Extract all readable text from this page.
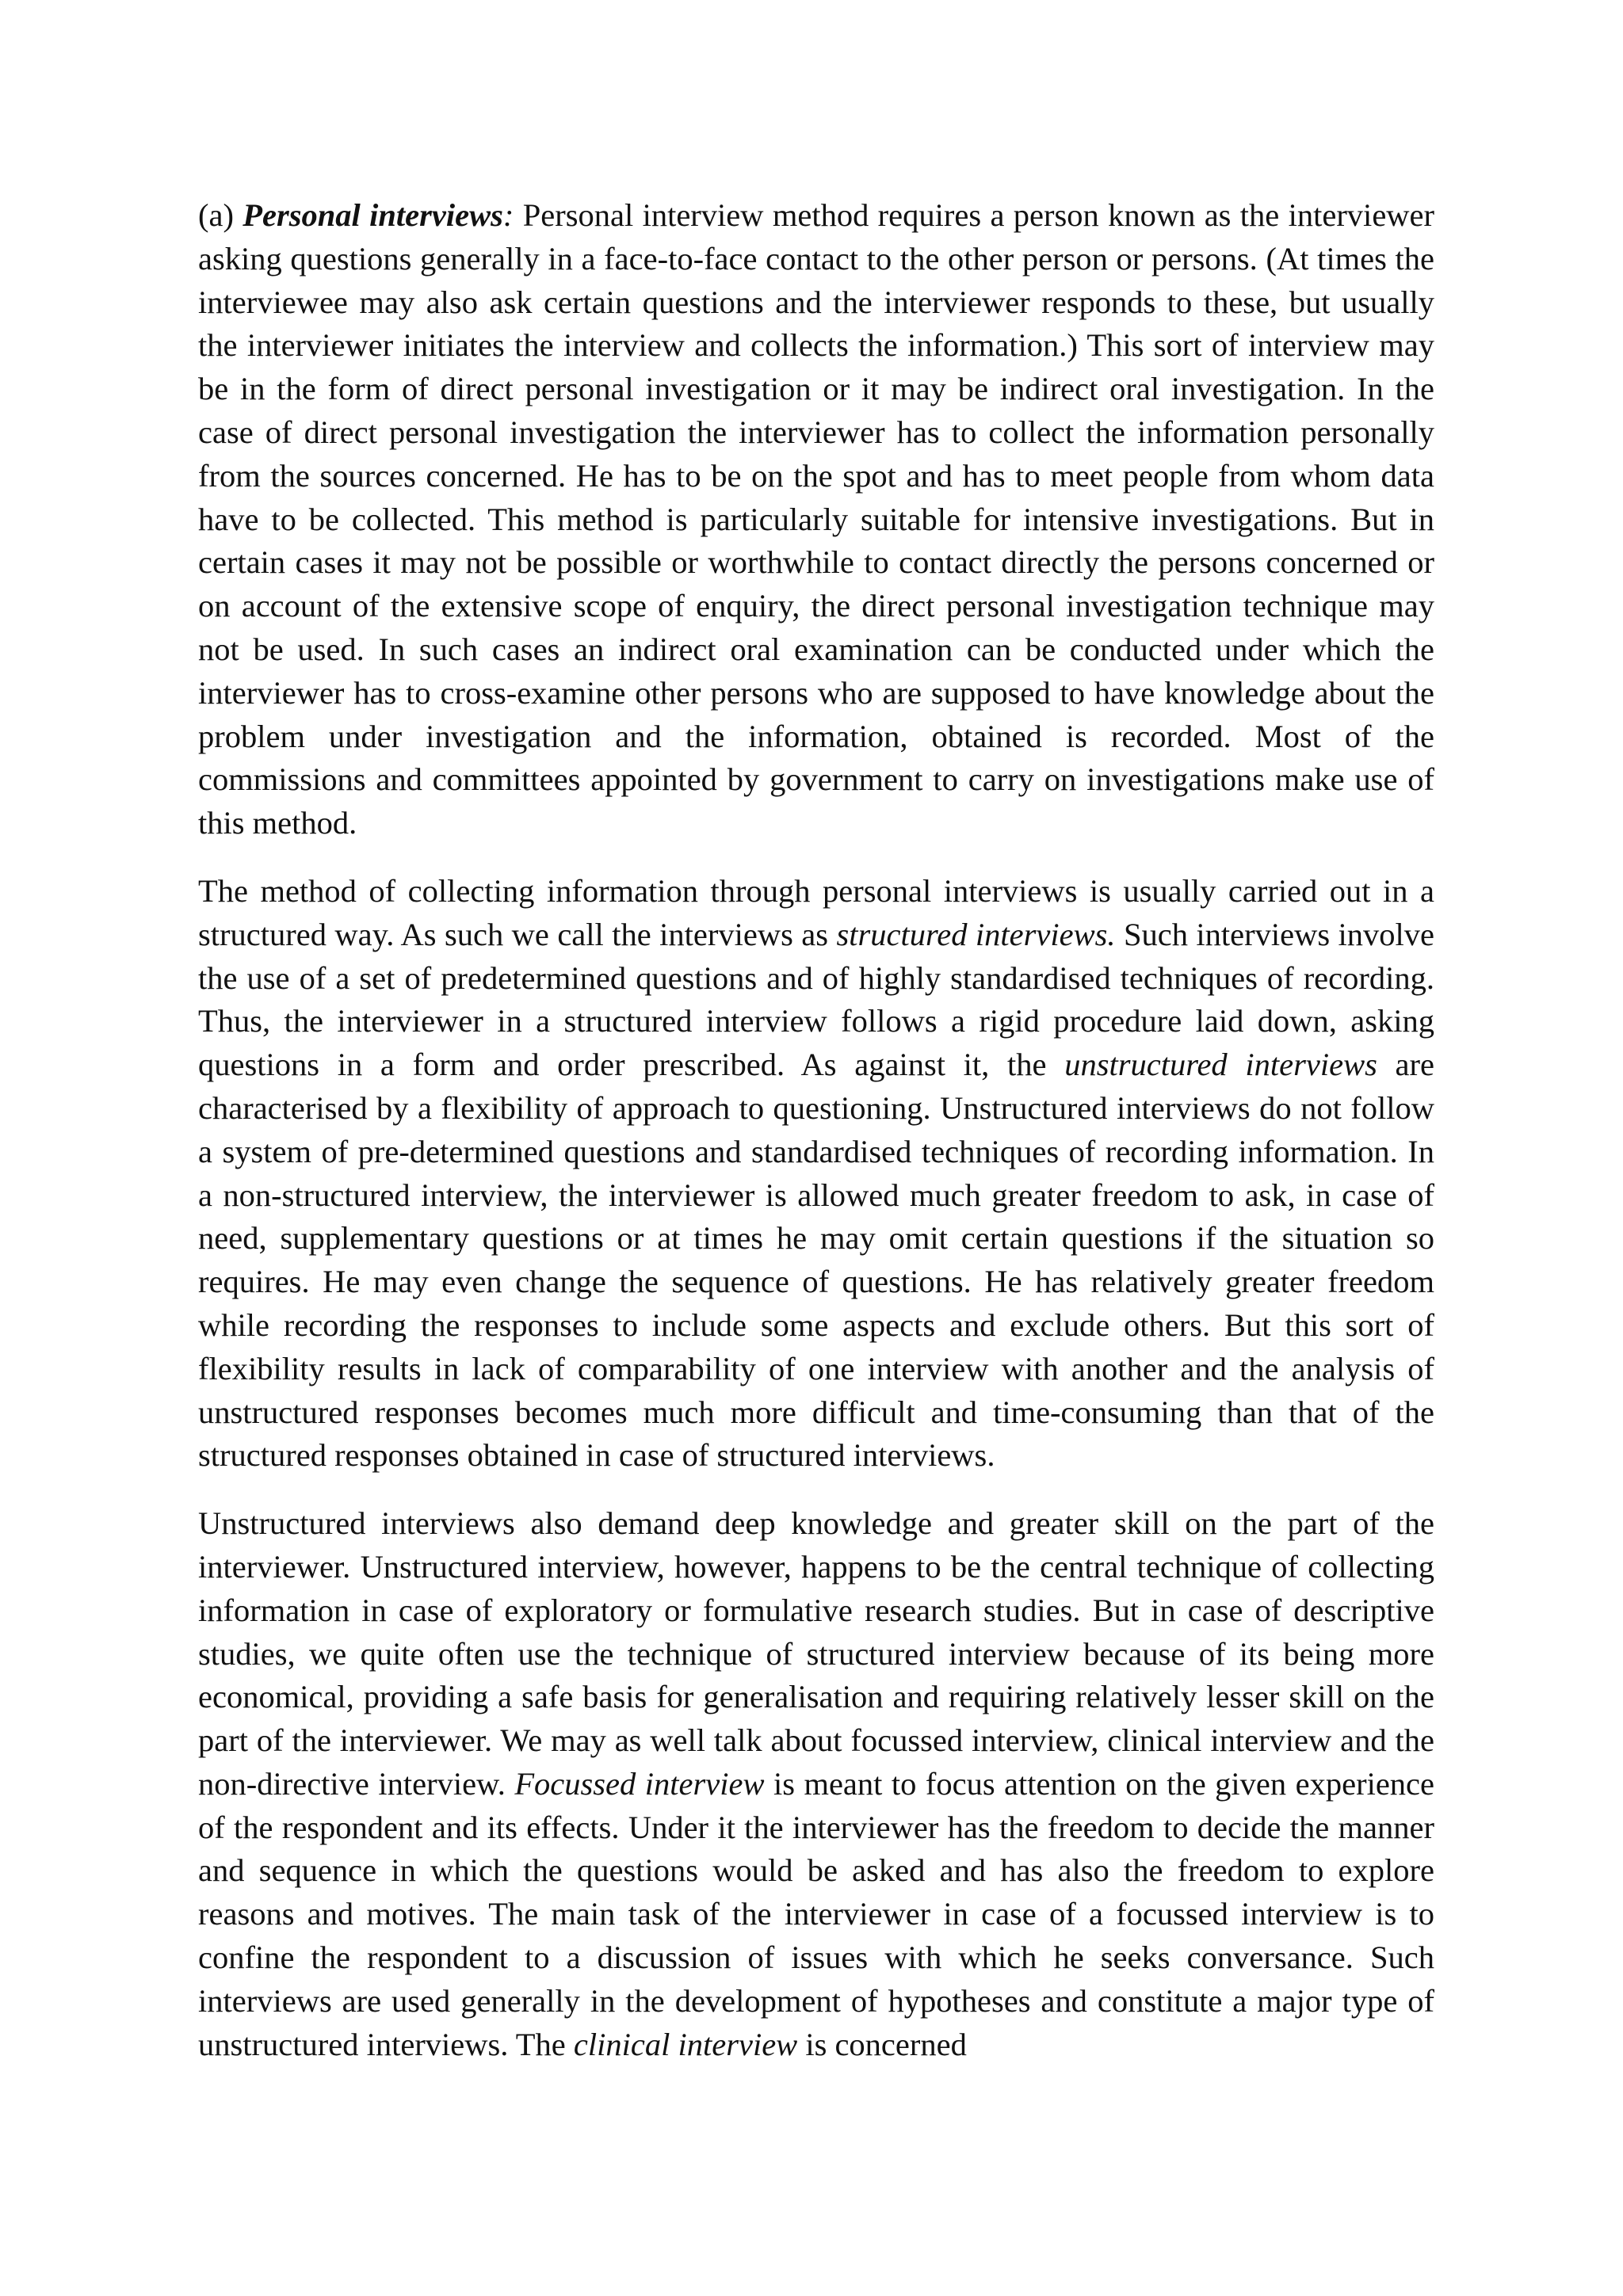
(a) Personal interviews: Personal interview method requires a person known as the interviewer asking questions generally in a face-to-face contact to the other person or persons. (At times the interviewee may also ask certain questions and the interviewer responds to these, but usually the interviewer initiates the interview and collects the information.) This sort of interview may be in the form of direct personal investigation or it may be indirect oral investigation. In the case of direct personal investigation the interviewer has to collect the information personally from the sources concerned. He has to be on the spot and has to meet people from whom data have to be collected. This method is particularly suitable for intensive investigations. But in certain cases it may not be possible or worthwhile to contact directly the persons concerned or on account of the extensive scope of enquiry, the direct personal investigation technique may not be used. In such cases an indirect oral examination can be conducted under which the interviewer has to cross-examine other persons who are supposed to have knowledge about the problem under investigation and the information, obtained is recorded. Most of the commissions and committees appointed by government to carry on investigations make use of this method.

The method of collecting information through personal interviews is usually carried out in a structured way. As such we call the interviews as structured interviews. Such interviews involve the use of a set of predetermined questions and of highly standardised techniques of recording. Thus, the interviewer in a structured interview follows a rigid procedure laid down, asking questions in a form and order prescribed. As against it, the unstructured interviews are characterised by a flexibility of approach to questioning. Unstructured interviews do not follow a system of pre-determined questions and standardised techniques of recording information. In a non-structured interview, the interviewer is allowed much greater freedom to ask, in case of need, supplementary questions or at times he may omit certain questions if the situation so requires. He may even change the sequence of questions. He has relatively greater freedom while recording the responses to include some aspects and exclude others. But this sort of flexibility results in lack of comparability of one interview with another and the analysis of unstructured responses becomes much more difficult and time-consuming than that of the structured responses obtained in case of structured interviews.

Unstructured interviews also demand deep knowledge and greater skill on the part of the interviewer. Unstructured interview, however, happens to be the central technique of collecting information in case of exploratory or formulative research studies. But in case of descriptive studies, we quite often use the technique of structured interview because of its being more economical, providing a safe basis for generalisation and requiring relatively lesser skill on the part of the interviewer. We may as well talk about focussed interview, clinical interview and the non-directive interview. Focussed interview is meant to focus attention on the given experience of the respondent and its effects. Under it the interviewer has the freedom to decide the manner and sequence in which the questions would be asked and has also the freedom to explore reasons and motives. The main task of the interviewer in case of a focussed interview is to confine the respondent to a discussion of issues with which he seeks conversance. Such interviews are used generally in the development of hypotheses and constitute a major type of unstructured interviews. The clinical interview is concerned
